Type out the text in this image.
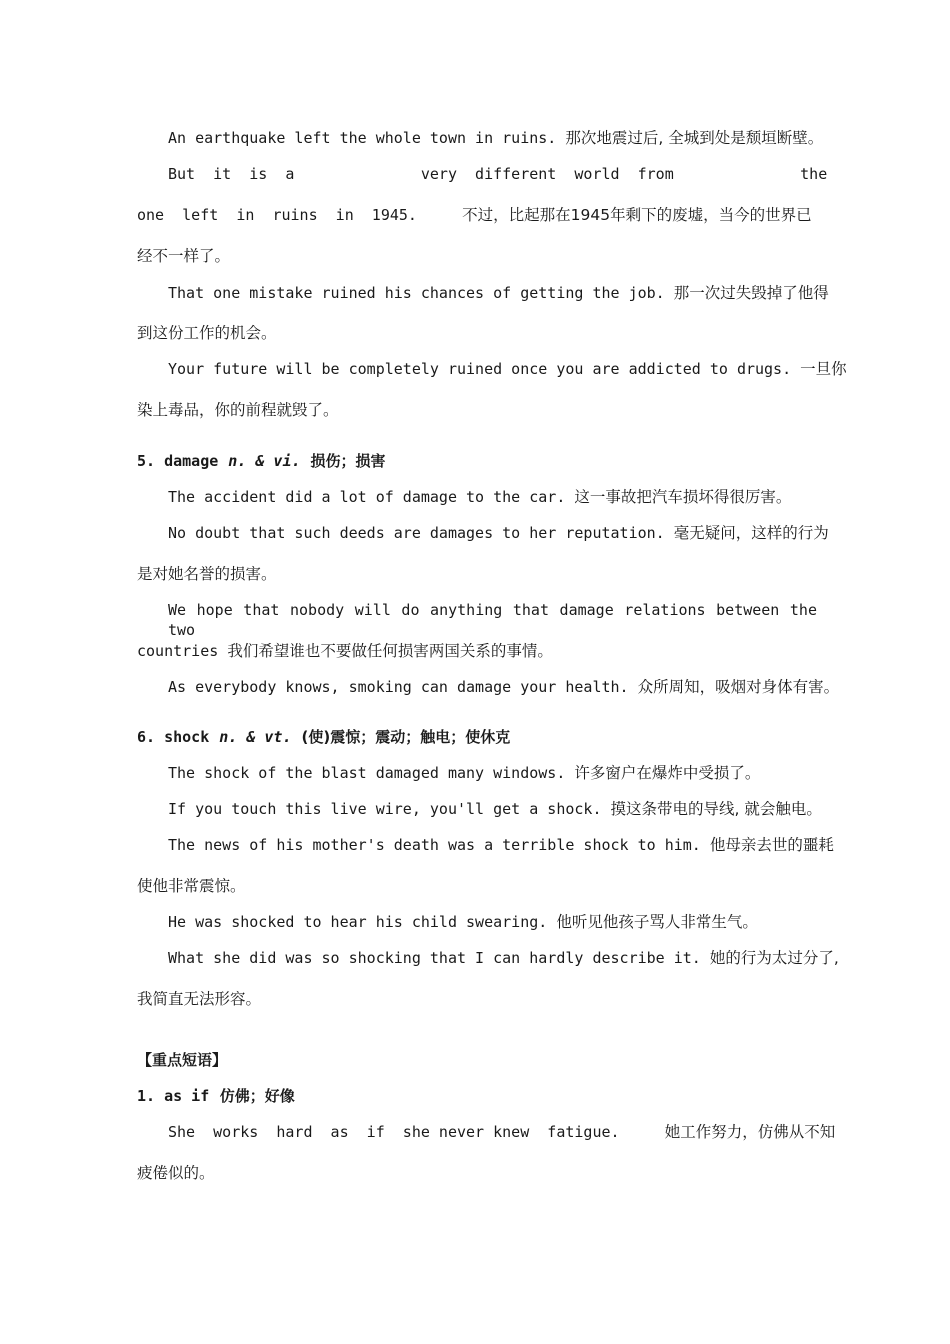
An earthquake left the whole town in ruins. 那次地震过后, 全城到处是颓垣断壁。
But  it  is  a              very  different  world  from              the
one  left  in  ruins  in  1945.	不过，比起那在1945年剩下的废墟，当今的世界已
经不一样了。
That one mistake ruined his chances of getting the job. 那一次过失毁掉了他得
到这份工作的机会。
Your future will be completely ruined once you are addicted to drugs. 一旦你
染上毒品，你的前程就毁了。
5. damage n. & vi. 损伤；损害
The accident did a lot of damage to the car. 这一事故把汽车损坏得很厉害。
No doubt that such deeds are damages to her reputation. 毫无疑问，这样的行为
是对她名誉的损害。
We hope that nobody will do anything that damage relations between the two
countries 我们希望谁也不要做任何损害两国关系的事情。
As everybody knows, smoking can damage your health. 众所周知，吸烟对身体有害。
6. shock n. & vt. (使)震惊；震动；触电；使休克
The shock of the blast damaged many windows. 许多窗户在爆炸中受损了。
If you touch this live wire, you'll get a shock. 摸这条带电的导线, 就会触电。
The news of his mother's death was a terrible shock to him. 他母亲去世的噩耗
使他非常震惊。
He was shocked to hear his child swearing. 他听见他孩子骂人非常生气。
What she did was so shocking that I can hardly describe it. 她的行为太过分了,
我简直无法形容。
【重点短语】
1. as if 仿佛；好像
She  works  hard  as  if  she never knew  fatigue.	她工作努力，仿佛从不知
疲倦似的。
